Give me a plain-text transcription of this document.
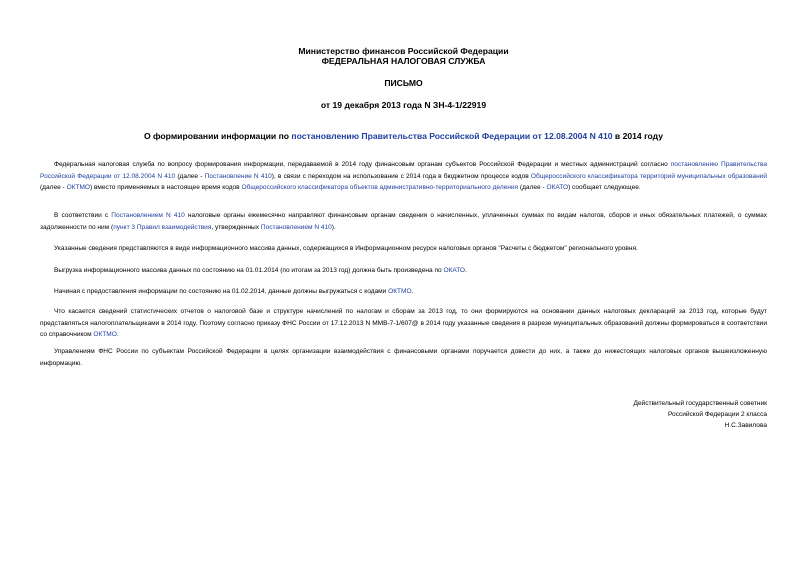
Министерство финансов Российской Федерации
ФЕДЕРАЛЬНАЯ НАЛОГОВАЯ СЛУЖБА
ПИСЬМО
от 19 декабря 2013 года N ЗН-4-1/22919
О формировании информации по постановлению Правительства Российской Федерации от 12.08.2004 N 410 в 2014 году

Федеральная налоговая служба по вопросу формирования информации, передаваемой в 2014 году финансовым органам субъектов Российской Федерации и местных администраций согласно постановлению Правительства Российской Федерации от 12.08.2004 N 410 (далее - Постановление N 410), в связи с переходом на использование с 2014 года в бюджетном процессе кодов Общероссийского классификатора территорий муниципальных образований (далее - ОКТМО) вместо применяемых в настоящее время кодов Общероссийского классификатора объектов административно-территориального деления (далее - ОКАТО) сообщает следующее.

В соответствии с Постановлением N 410 налоговые органы ежемесячно направляют финансовым органам сведения о начисленных, уплаченных суммах по видам налогов, сборов и иных обязательных платежей, о суммах задолженности по ним (пункт 3 Правил взаимодействия, утвержденных Постановлением N 410).

Указанные сведения представляются в виде информационного массива данных, содержащихся в Информационном ресурсе налоговых органов "Расчеты с бюджетом" регионального уровня.

Выгрузка информационного массива данных по состоянию на 01.01.2014 (по итогам за 2013 год) должна быть произведена по ОКАТО.

Начиная с предоставления информации по состоянию на 01.02.2014, данные должны выгружаться с кодами ОКТМО.

Что касается сведений статистических отчетов о налоговой базе и структуре начислений по налогам и сборам за 2013 год, то они формируются на основании данных налоговых деклараций за 2013 год, которые будут представляться налогоплательщиками в 2014 году. Поэтому согласно приказу ФНС России от 17.12.2013 N ММВ-7-1/607@ в 2014 году указанные сведения в разрезе муниципальных образований должны формироваться в соответствии со справочником ОКТМО.

Управлениям ФНС России по субъектам Российской Федерации в целях организации взаимодействия с финансовыми органами поручается довести до них, а также до нижестоящих налоговых органов вышеизложенную информацию.

Действительный государственный советник
Российской Федерации 2 класса
Н.С.Завилова
